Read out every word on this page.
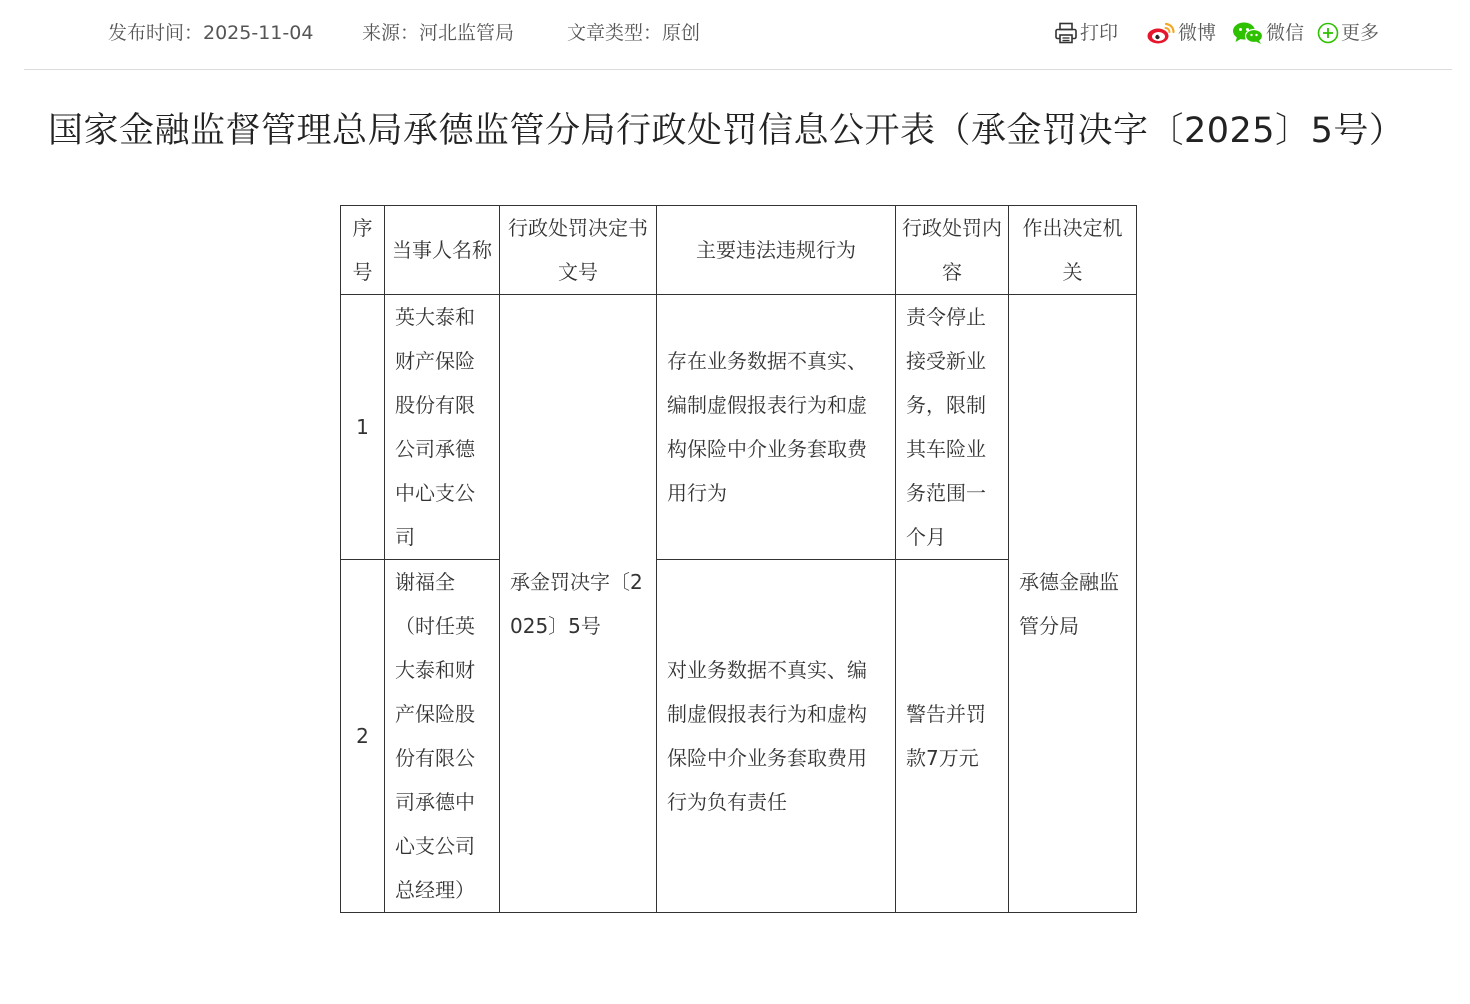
发布时间：2025-11-04	来源：河北监管局	文章类型：原创	打印	微博	微信 更多
国家金融监督管理总局承德监管分局行政处罚信息公开表（承金罚决字〔2025〕5号）
序号	当事人名称	行政处罚决定书文号	主要违法违规行为	行政处罚内容	作出决定机关
1	英大泰和财产保险股份有限公司承德中心支公司	承金罚决字〔2025〕5号	存在业务数据不真实、编制虚假报表行为和虚构保险中介业务套取费用行为	责令停止接受新业务，限制其车险业务范围一个月	承德金融监管分局
2	谢福全（时任英大泰和财产保险股份有限公司承德中心支公司总经理）		对业务数据不真实、编制虚假报表行为和虚构保险中介业务套取费用行为负有责任	警告并罚款7万元	
